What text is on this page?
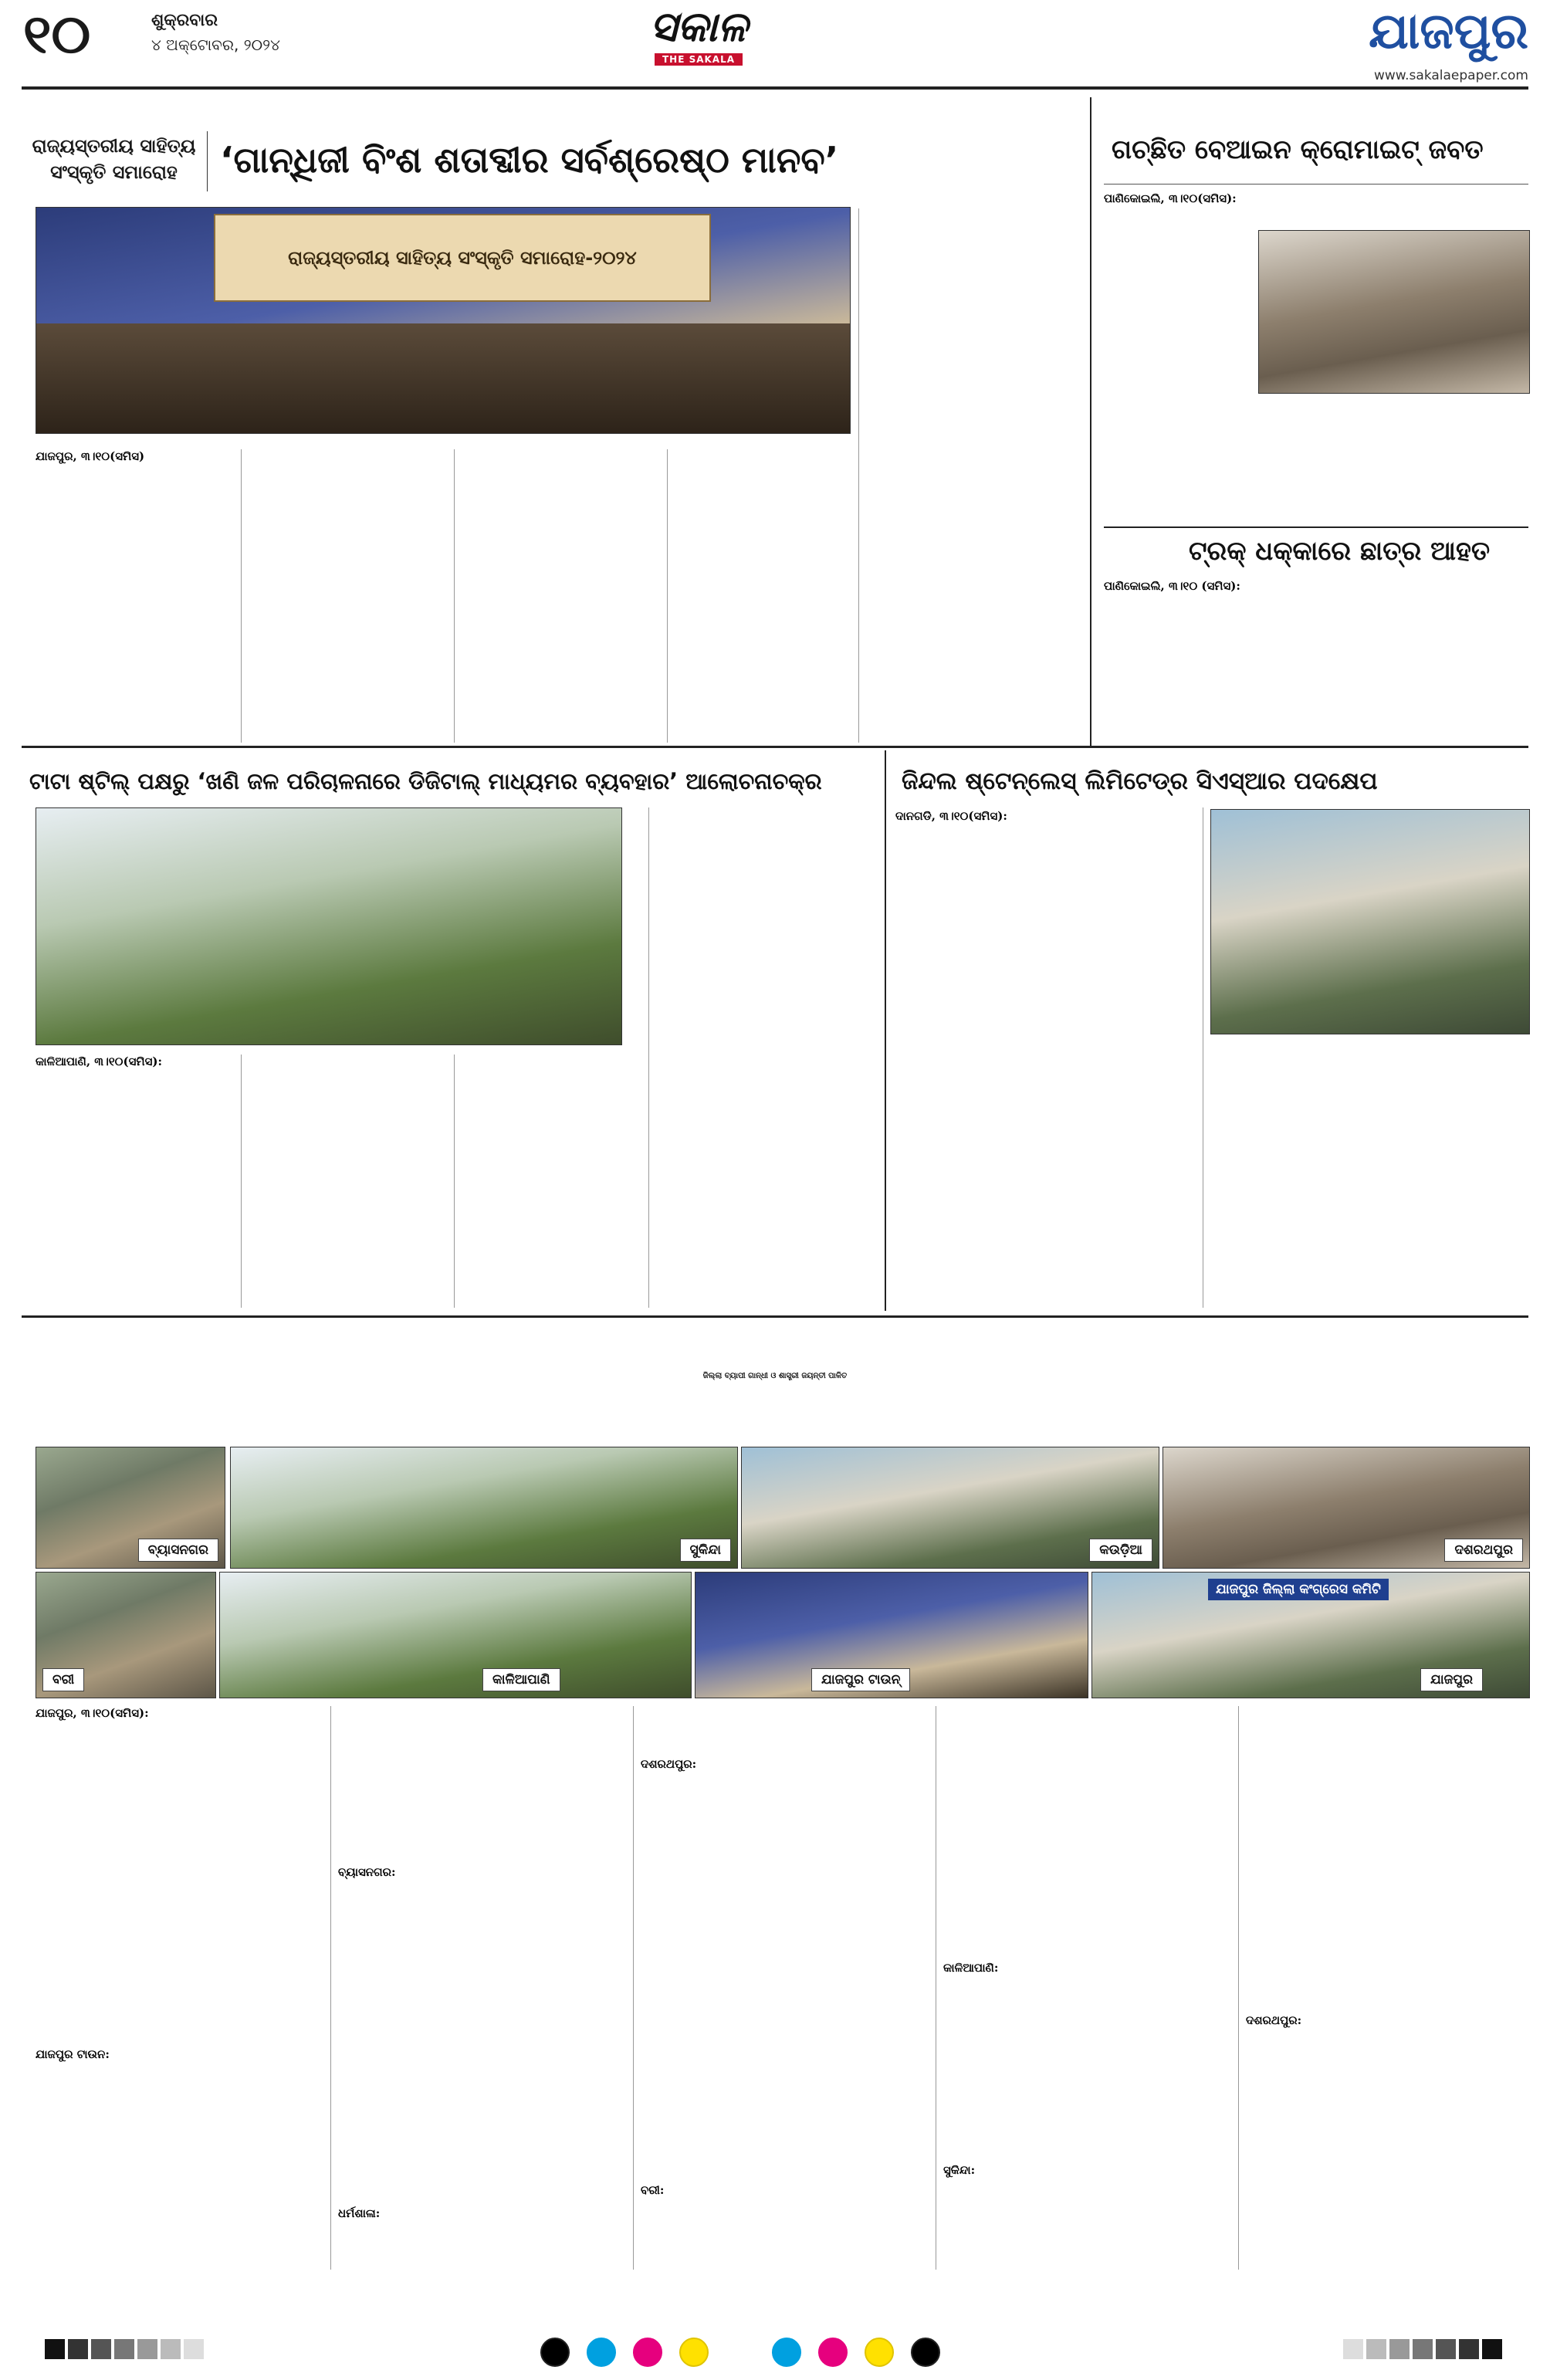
୧୦	ଶୁକ୍ରବାର
୪ ଅକ୍ଟୋବର, ୨୦୨୪	ସକାଳ
THE SAKALA	ଯାଜପୁର
www.sakalaepaper.com
ରାଜ୍ୟସ୍ତରୀୟ ସାହିତ୍ୟ
ସଂସ୍କୃତି ସମାରୋହ	‘ଗାନ୍ଧିଜୀ ବିଂଶ ଶତାବ୍ଦୀର ସର୍ବଶ୍ରେଷ୍ଠ ମାନବ’
ରାଜ୍ୟସ୍ତରୀୟ ସାହିତ୍ୟ ସଂସ୍କୃତି ସମାରୋହ-୨୦୨୪
ଯାଜପୁର, ୩।୧୦(ସମିସ)
ଗଚ୍ଛିତ ବେଆଇନ କ୍ରୋମାଇଟ୍ ଜବତ
ପାଣିକୋଇଲି, ୩।୧୦(ସମିସ):
ଟ୍ରକ୍ ଧକ୍କାରେ ଛାତ୍ର ଆହତ
ପାଣିକୋଇଲି, ୩।୧୦ (ସମିସ):
ଟାଟା ଷ୍ଟିଲ୍ ପକ୍ଷରୁ ‘ଖଣି ଜଳ ପରିଚାଳନାରେ ଡିଜିଟାଲ୍ ମାଧ୍ୟମର ବ୍ୟବହାର’ ଆଲୋଚନାଚକ୍ର
କାଳିଆପାଣି, ୩।୧୦(ସମିସ):
ଜିନ୍ଦଲ ଷ୍ଟେନ୍‌ଲେସ୍ ଲିମିଟେଡ୍‌ର ସିଏସ୍‌ଆର ପଦକ୍ଷେପ
ଦାନଗଡି, ୩।୧୦(ସମିସ):
ଜିଲ୍ଲା ବ୍ୟାପୀ ଗାନ୍ଧୀ ଓ ଶାସ୍ତ୍ରୀ ଜୟନ୍ତୀ ପାଳିତ
ବ୍ୟାସନଗର	ସୁକିନ୍ଦା	କଉଡ଼ିଆ	ଦଶରଥପୁର
ବରୀ	କାଳିଆପାଣି	ଯାଜପୁର ଟାଉନ୍
ଯାଜପୁର ଜିଲ୍ଲା କଂଗ୍ରେସ କମିଟି
ଯାଜପୁର
ଯାଜପୁର, ୩।୧୦(ସମିସ):
ଯାଜପୁର ଟାଉନ:
ବ୍ୟାସନଗର:
ଧର୍ମଶାଳା:
ଦଶରଥପୁର:
ବରୀ:
କାଳିଆପାଣି:
ସୁକିନ୍ଦା:
ଦଶରଥପୁର:
